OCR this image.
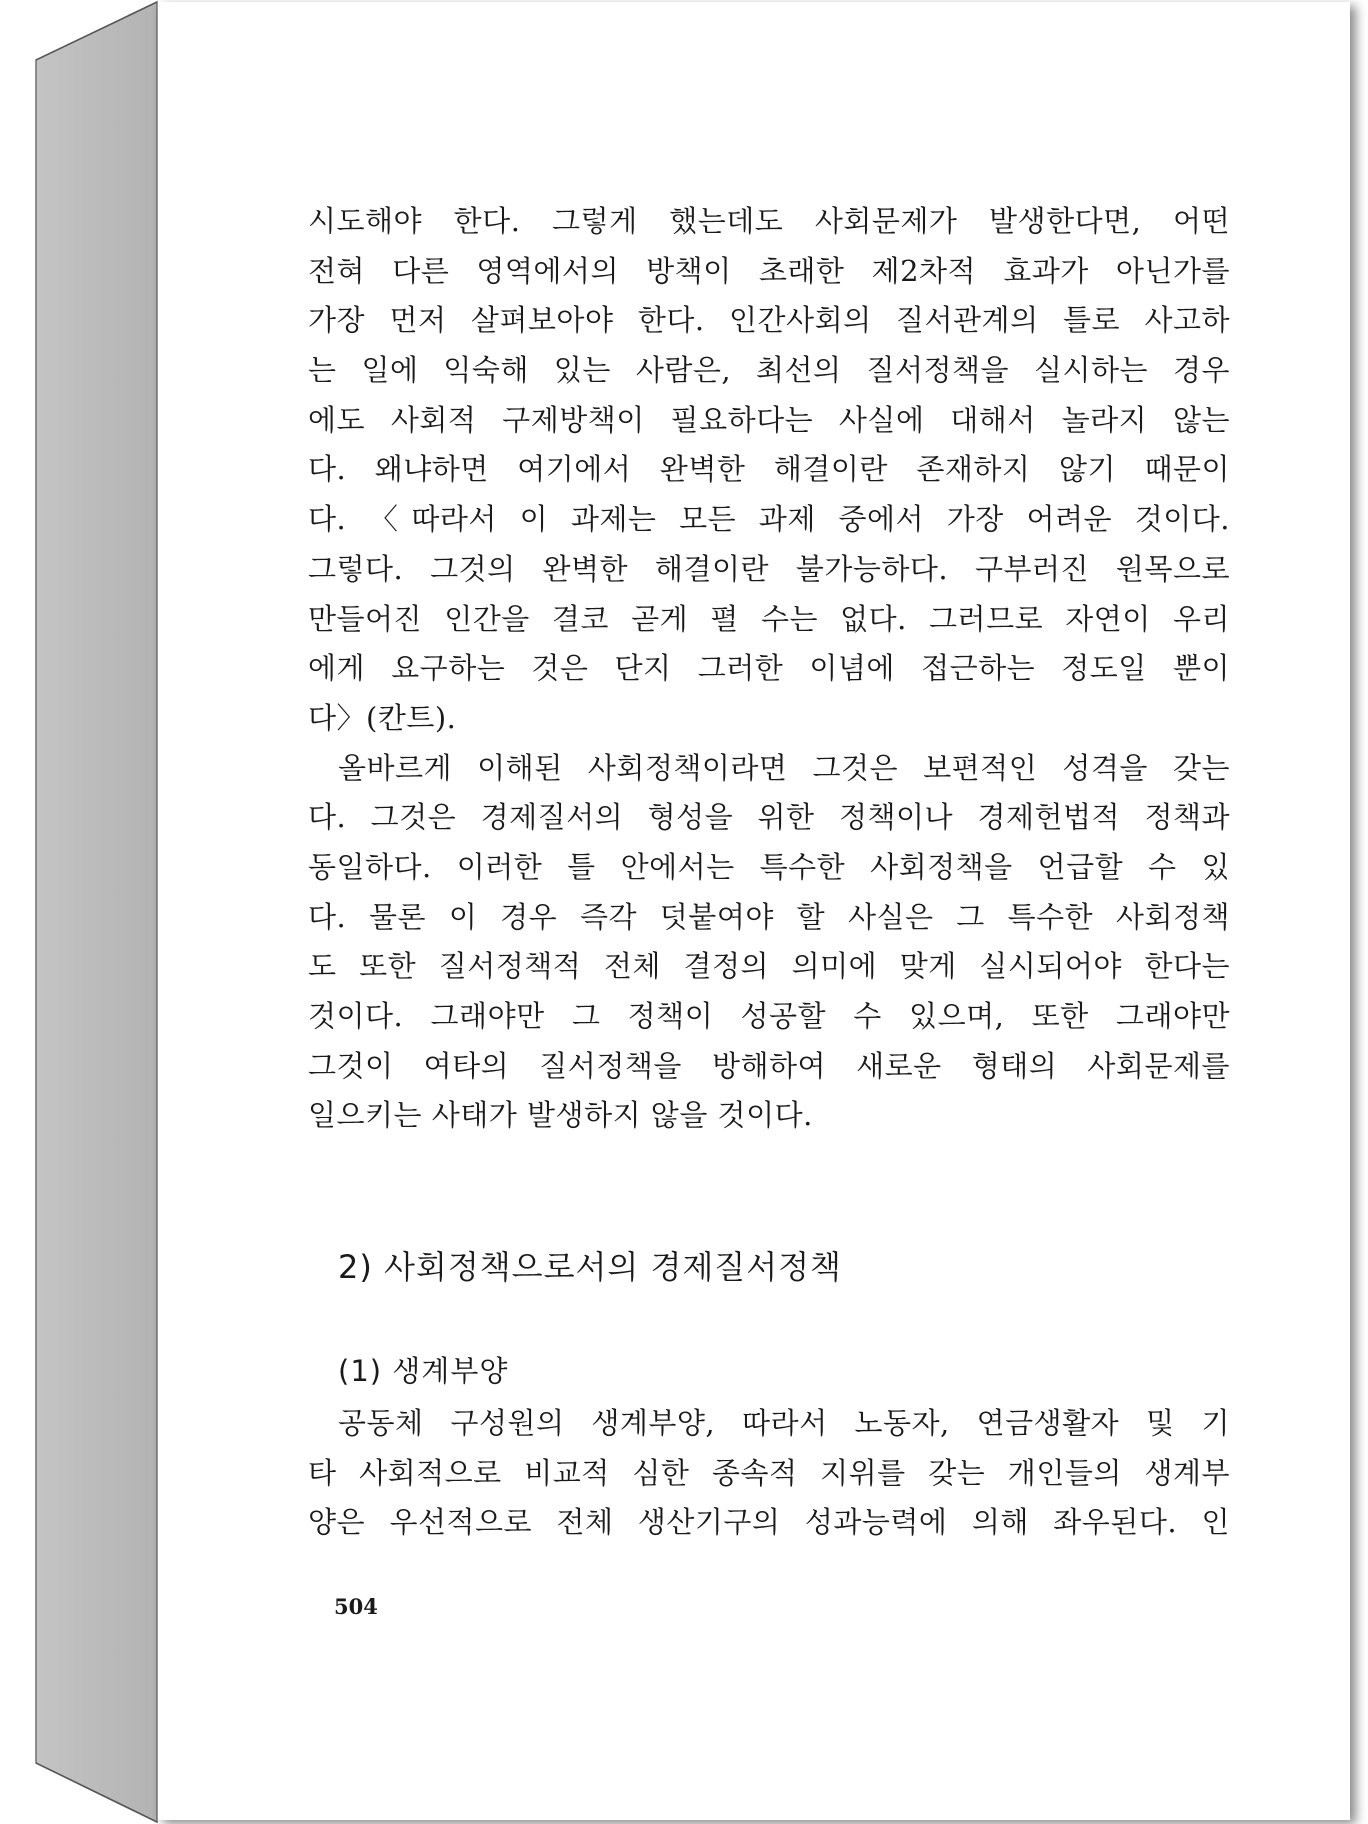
시도해야 한다. 그렇게 했는데도 사회문제가 발생한다면, 어떤
전혀 다른 영역에서의 방책이 초래한 제2차적 효과가 아닌가를
가장 먼저 살펴보아야 한다. 인간사회의 질서관계의 틀로 사고하
는 일에 익숙해 있는 사람은, 최선의 질서정책을 실시하는 경우
에도 사회적 구제방책이 필요하다는 사실에 대해서 놀라지 않는
다. 왜냐하면 여기에서 완벽한 해결이란 존재하지 않기 때문이
다. 〈따라서 이 과제는 모든 과제 중에서 가장 어려운 것이다.
그렇다. 그것의 완벽한 해결이란 불가능하다. 구부러진 원목으로
만들어진 인간을 결코 곧게 펼 수는 없다. 그러므로 자연이 우리
에게 요구하는 것은 단지 그러한 이념에 접근하는 정도일 뿐이
다〉(칸트).
올바르게 이해된 사회정책이라면 그것은 보편적인 성격을 갖는
다. 그것은 경제질서의 형성을 위한 정책이나 경제헌법적 정책과
동일하다. 이러한 틀 안에서는 특수한 사회정책을 언급할 수 있
다. 물론 이 경우 즉각 덧붙여야 할 사실은 그 특수한 사회정책
도 또한 질서정책적 전체 결정의 의미에 맞게 실시되어야 한다는
것이다. 그래야만 그 정책이 성공할 수 있으며, 또한 그래야만
그것이 여타의 질서정책을 방해하여 새로운 형태의 사회문제를
일으키는 사태가 발생하지 않을 것이다.
2) 사회정책으로서의 경제질서정책
(1) 생계부양
공동체 구성원의 생계부양, 따라서 노동자, 연금생활자 및 기
타 사회적으로 비교적 심한 종속적 지위를 갖는 개인들의 생계부
양은 우선적으로 전체 생산기구의 성과능력에 의해 좌우된다. 인
504
